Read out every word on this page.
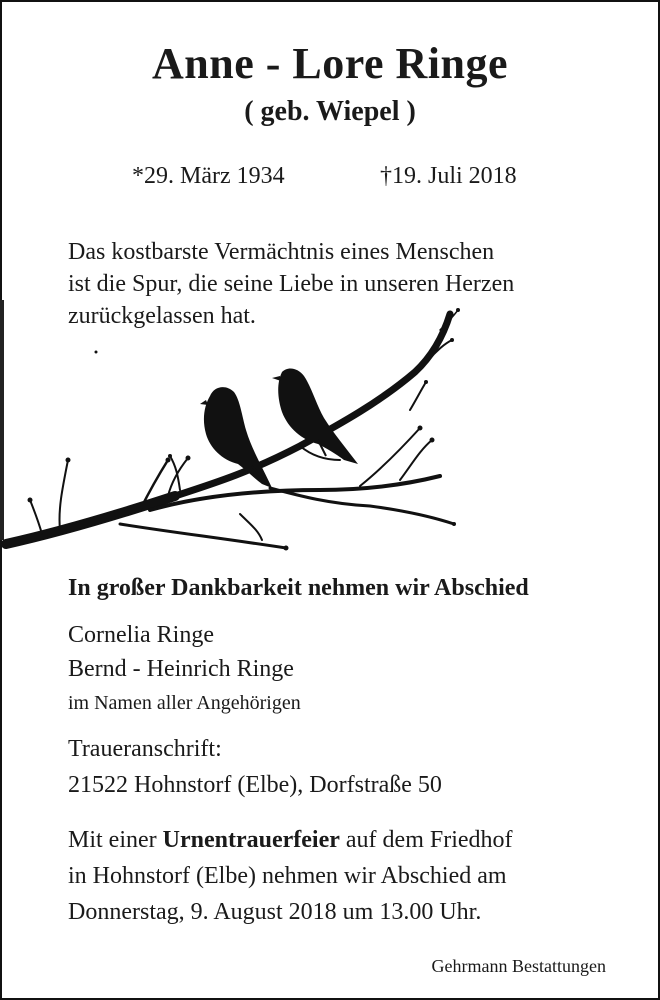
Anne - Lore Ringe
( geb. Wiepel )
*29. März 1934	†19. Juli 2018
Das kostbarste Vermächtnis eines Menschen
ist die Spur, die seine Liebe in unseren Herzen
zurückgelassen hat.
In großer Dankbarkeit nehmen wir Abschied
Cornelia Ringe
Bernd - Heinrich Ringe
im Namen aller Angehörigen
Traueranschrift:
21522 Hohnstorf (Elbe), Dorfstraße 50
Mit einer Urnentrauerfeier auf dem Friedhof
in Hohnstorf (Elbe) nehmen wir Abschied am
Donnerstag, 9. August 2018 um 13.00 Uhr.
Gehrmann Bestattungen
